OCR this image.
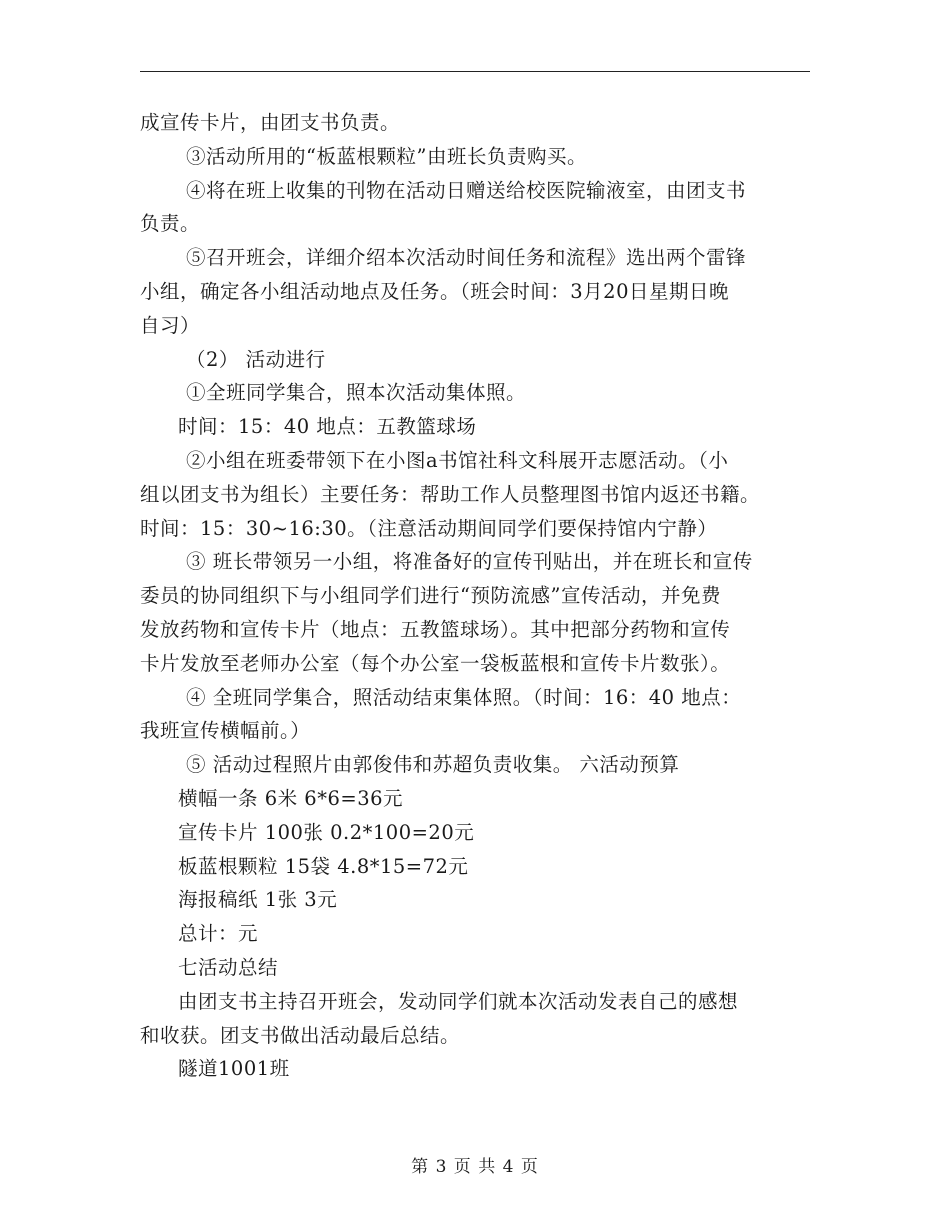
成宣传卡片，由团支书负责。
③活动所用的“板蓝根颗粒”由班长负责购买。
④将在班上收集的刊物在活动日赠送给校医院输液室，由团支书
负责。
⑤召开班会，详细介绍本次活动时间任务和流程》选出两个雷锋
小组，确定各小组活动地点及任务。（班会时间：3月20日星期日晚
自习）
（2） 活动进行
①全班同学集合，照本次活动集体照。
时间：15：40 地点：五教篮球场
②小组在班委带领下在小图a书馆社科文科展开志愿活动。（小
组以团支书为组长）主要任务：帮助工作人员整理图书馆内返还书籍。
时间：15：30~16:30。（注意活动期间同学们要保持馆内宁静）
③ 班长带领另一小组，将准备好的宣传刊贴出，并在班长和宣传
委员的协同组织下与小组同学们进行“预防流感”宣传活动，并免费
发放药物和宣传卡片（地点：五教篮球场）。其中把部分药物和宣传
卡片发放至老师办公室（每个办公室一袋板蓝根和宣传卡片数张）。
④ 全班同学集合，照活动结束集体照。（时间：16：40 地点：
我班宣传横幅前。）
⑤ 活动过程照片由郭俊伟和苏超负责收集。 六活动预算
横幅一条 6米 6*6=36元
宣传卡片 100张 0.2*100=20元
板蓝根颗粒 15袋 4.8*15=72元
海报稿纸 1张 3元
总计：元
七活动总结
由团支书主持召开班会，发动同学们就本次活动发表自己的感想
和收获。团支书做出活动最后总结。
隧道1001班
第 3 页 共 4 页
